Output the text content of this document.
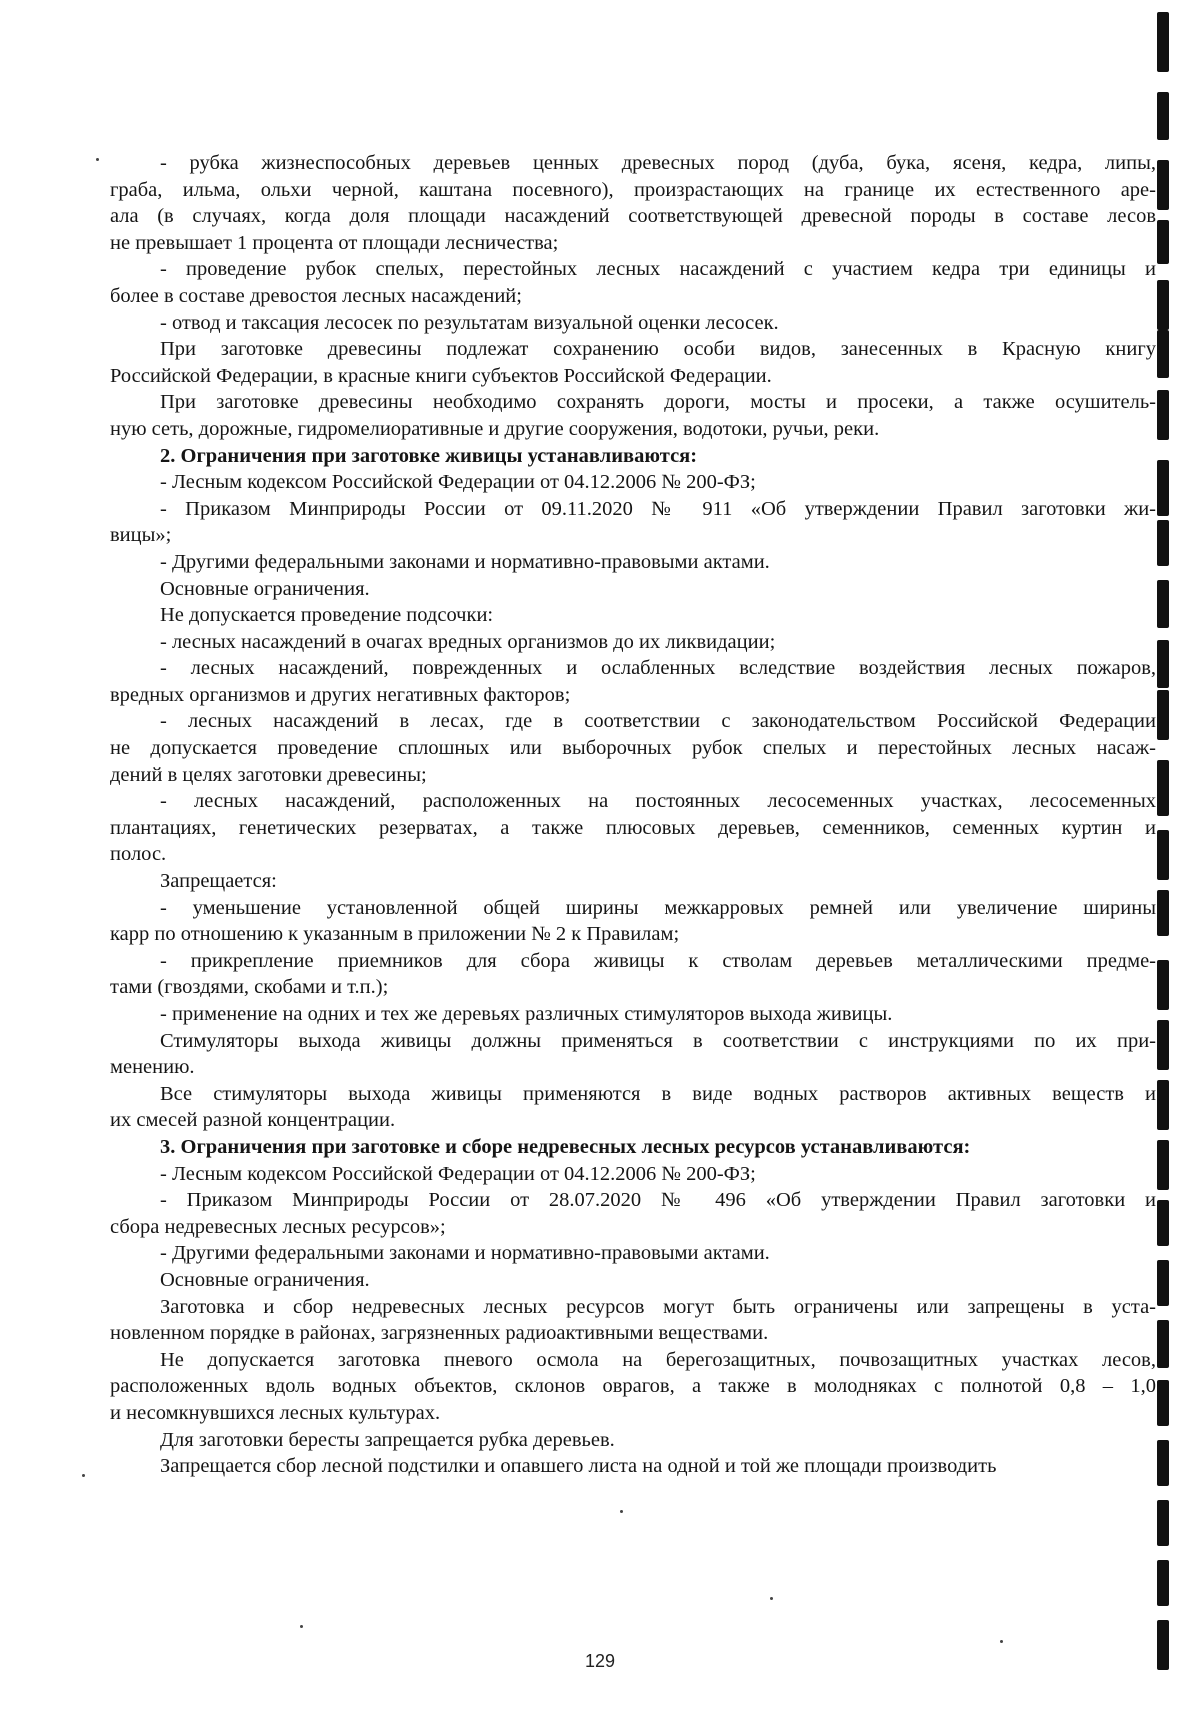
- рубка жизнеспособных деревьев ценных древесных пород (дуба, бука, ясеня, кедра, липы,
граба, ильма, ольхи черной, каштана посевного), произрастающих на границе их естественного аре-
ала (в случаях, когда доля площади насаждений соответствующей древесной породы в составе лесов
не превышает 1 процента от площади лесничества;
- проведение рубок спелых, перестойных лесных насаждений с участием кедра три единицы и
более в составе древостоя лесных насаждений;
- отвод и таксация лесосек по результатам визуальной оценки лесосек.
При заготовке древесины подлежат сохранению особи видов, занесенных в Красную книгу
Российской Федерации, в красные книги субъектов Российской Федерации.
При заготовке древесины необходимо сохранять дороги, мосты и просеки, а также осушитель-
ную сеть, дорожные, гидромелиоративные и другие сооружения, водотоки, ручьи, реки.
2. Ограничения при заготовке живицы устанавливаются:
- Лесным кодексом Российской Федерации от 04.12.2006 № 200-ФЗ;
- Приказом Минприроды России от 09.11.2020 № 911 «Об утверждении Правил заготовки жи-
вицы»;
- Другими федеральными законами и нормативно-правовыми актами.
Основные ограничения.
Не допускается проведение подсочки:
- лесных насаждений в очагах вредных организмов до их ликвидации;
- лесных насаждений, поврежденных и ослабленных вследствие воздействия лесных пожаров,
вредных организмов и других негативных факторов;
- лесных насаждений в лесах, где в соответствии с законодательством Российской Федерации
не допускается проведение сплошных или выборочных рубок спелых и перестойных лесных насаж-
дений в целях заготовки древесины;
- лесных насаждений, расположенных на постоянных лесосеменных участках, лесосеменных
плантациях, генетических резерватах, а также плюсовых деревьев, семенников, семенных куртин и
полос.
Запрещается:
- уменьшение установленной общей ширины межкарровых ремней или увеличение ширины
карр по отношению к указанным в приложении № 2 к Правилам;
- прикрепление приемников для сбора живицы к стволам деревьев металлическими предме-
тами (гвоздями, скобами и т.п.);
- применение на одних и тех же деревьях различных стимуляторов выхода живицы.
Стимуляторы выхода живицы должны применяться в соответствии с инструкциями по их при-
менению.
Все стимуляторы выхода живицы применяются в виде водных растворов активных веществ и
их смесей разной концентрации.
3. Ограничения при заготовке и сборе недревесных лесных ресурсов устанавливаются:
- Лесным кодексом Российской Федерации от 04.12.2006 № 200-ФЗ;
- Приказом Минприроды России от 28.07.2020 № 496 «Об утверждении Правил заготовки и
сбора недревесных лесных ресурсов»;
- Другими федеральными законами и нормативно-правовыми актами.
Основные ограничения.
Заготовка и сбор недревесных лесных ресурсов могут быть ограничены или запрещены в уста-
новленном порядке в районах, загрязненных радиоактивными веществами.
Не допускается заготовка пневого осмола на берегозащитных, почвозащитных участках лесов,
расположенных вдоль водных объектов, склонов оврагов, а также в молодняках с полнотой 0,8 – 1,0
и несомкнувшихся лесных культурах.
Для заготовки бересты запрещается рубка деревьев.
Запрещается сбор лесной подстилки и опавшего листа на одной и той же площади производить
129
